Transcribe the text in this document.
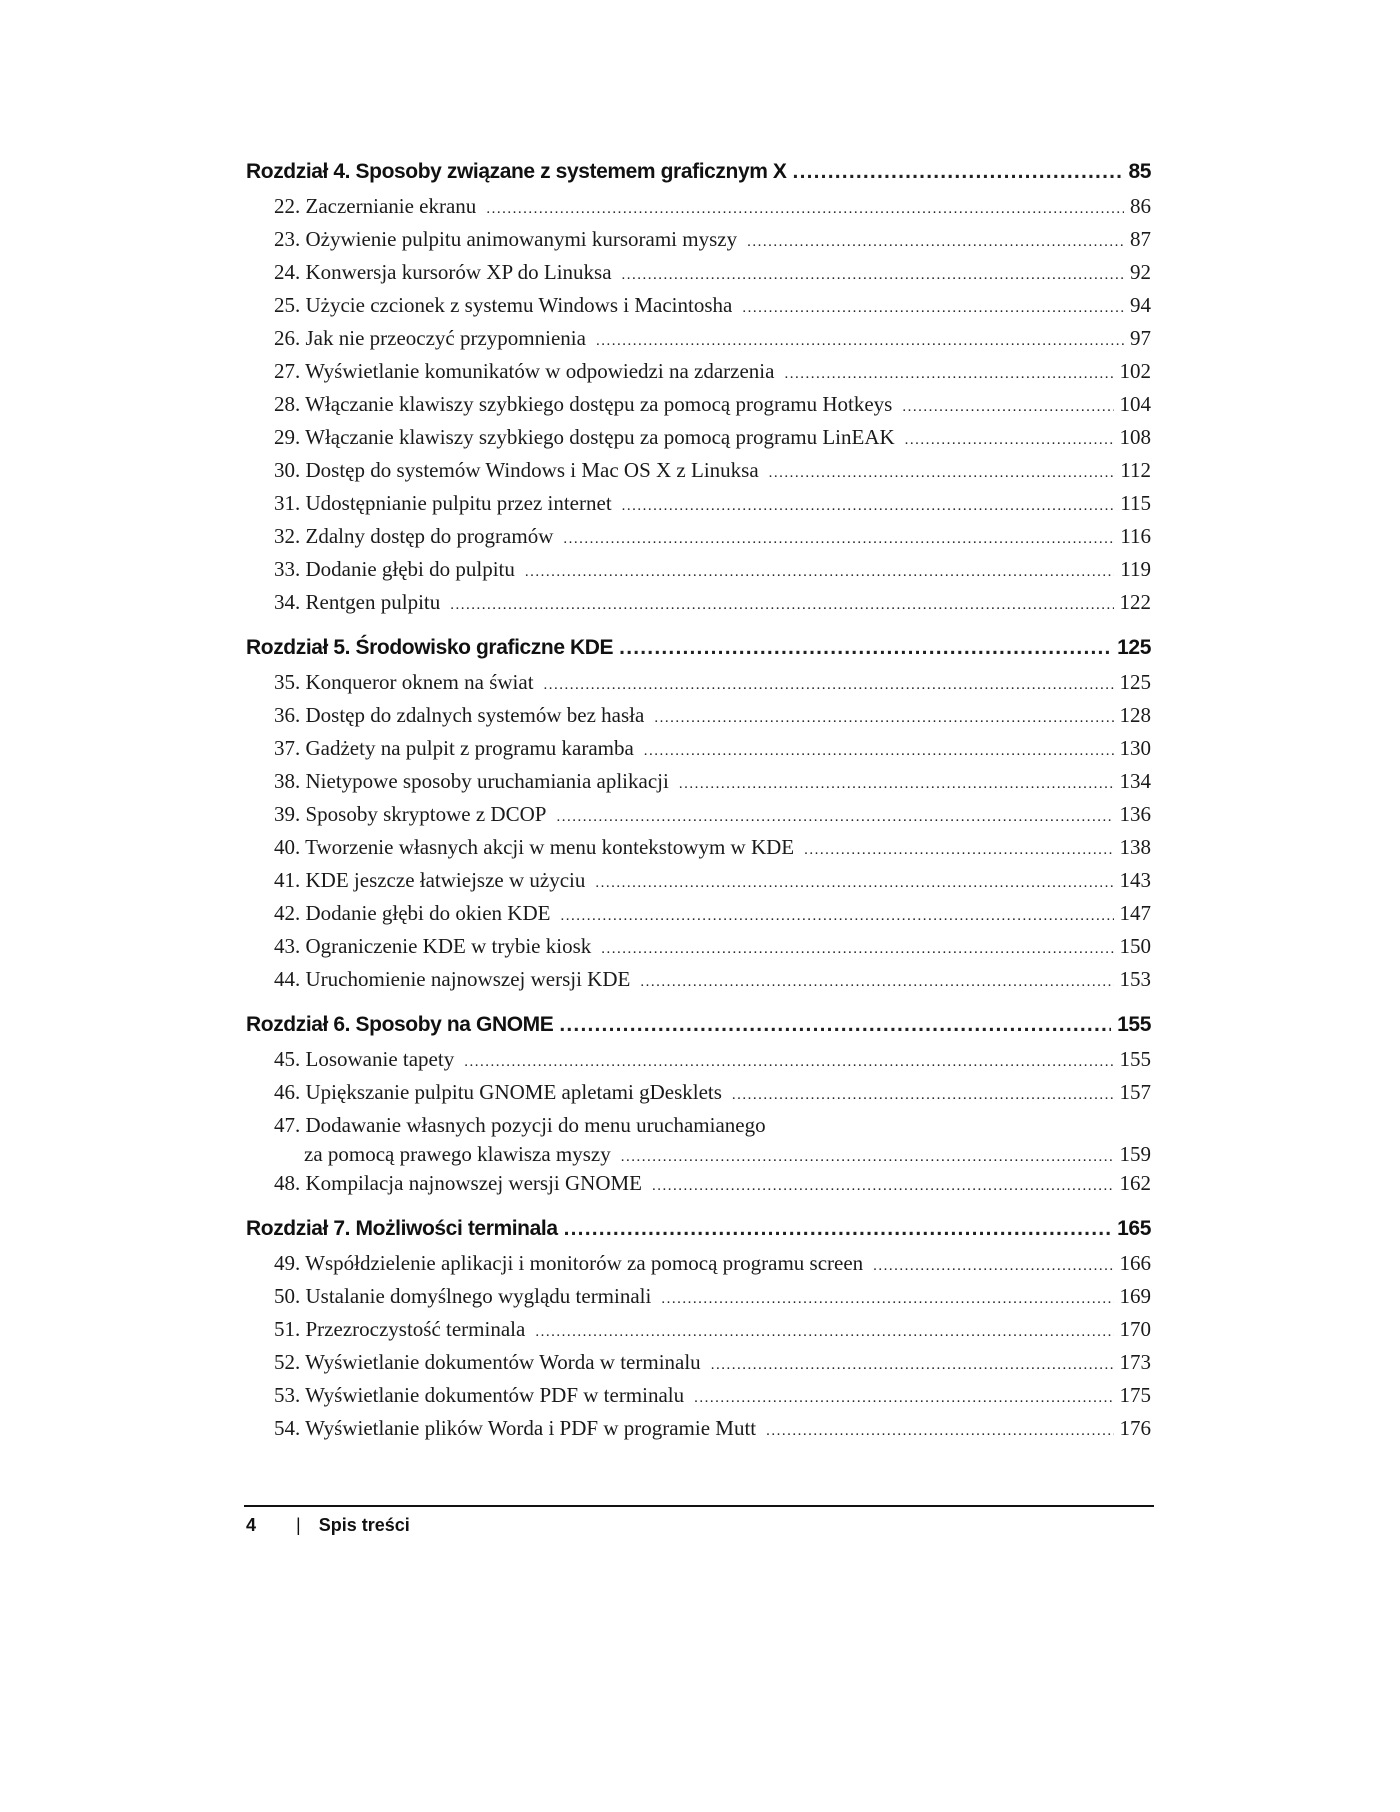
Rozdział 4. Sposoby związane z systemem graficznym X .....	85
22. Zaczernianie ekranu .....	86
23. Ożywienie pulpitu animowanymi kursorami myszy .....	87
24. Konwersja kursorów XP do Linuksa .....	92
25. Użycie czcionek z systemu Windows i Macintosha .....	94
26. Jak nie przeoczyć przypomnienia .....	97
27. Wyświetlanie komunikatów w odpowiedzi na zdarzenia .....	102
28. Włączanie klawiszy szybkiego dostępu za pomocą programu Hotkeys .....	104
29. Włączanie klawiszy szybkiego dostępu za pomocą programu LinEAK .....	108
30. Dostęp do systemów Windows i Mac OS X z Linuksa .....	112
31. Udostępnianie pulpitu przez internet .....	115
32. Zdalny dostęp do programów .....	116
33. Dodanie głębi do pulpitu .....	119
34. Rentgen pulpitu .....	122
Rozdział 5. Środowisko graficzne KDE .....	125
35. Konqueror oknem na świat .....	125
36. Dostęp do zdalnych systemów bez hasła .....	128
37. Gadżety na pulpit z programu karamba .....	130
38. Nietypowe sposoby uruchamiania aplikacji .....	134
39. Sposoby skryptowe z DCOP .....	136
40. Tworzenie własnych akcji w menu kontekstowym w KDE .....	138
41. KDE jeszcze łatwiejsze w użyciu .....	143
42. Dodanie głębi do okien KDE .....	147
43. Ograniczenie KDE w trybie kiosk .....	150
44. Uruchomienie najnowszej wersji KDE .....	153
Rozdział 6. Sposoby na GNOME .....	155
45. Losowanie tapety .....	155
46. Upiększanie pulpitu GNOME apletami gDesklets .....	157
47. Dodawanie własnych pozycji do menu uruchamianego
za pomocą prawego klawisza myszy .....	159
48. Kompilacja najnowszej wersji GNOME .....	162
Rozdział 7. Możliwości terminala .....	165
49. Współdzielenie aplikacji i monitorów za pomocą programu screen .....	166
50. Ustalanie domyślnego wyglądu terminali .....	169
51. Przezroczystość terminala .....	170
52. Wyświetlanie dokumentów Worda w terminalu .....	173
53. Wyświetlanie dokumentów PDF w terminalu .....	175
54. Wyświetlanie plików Worda i PDF w programie Mutt .....	176
4 | Spis treści
